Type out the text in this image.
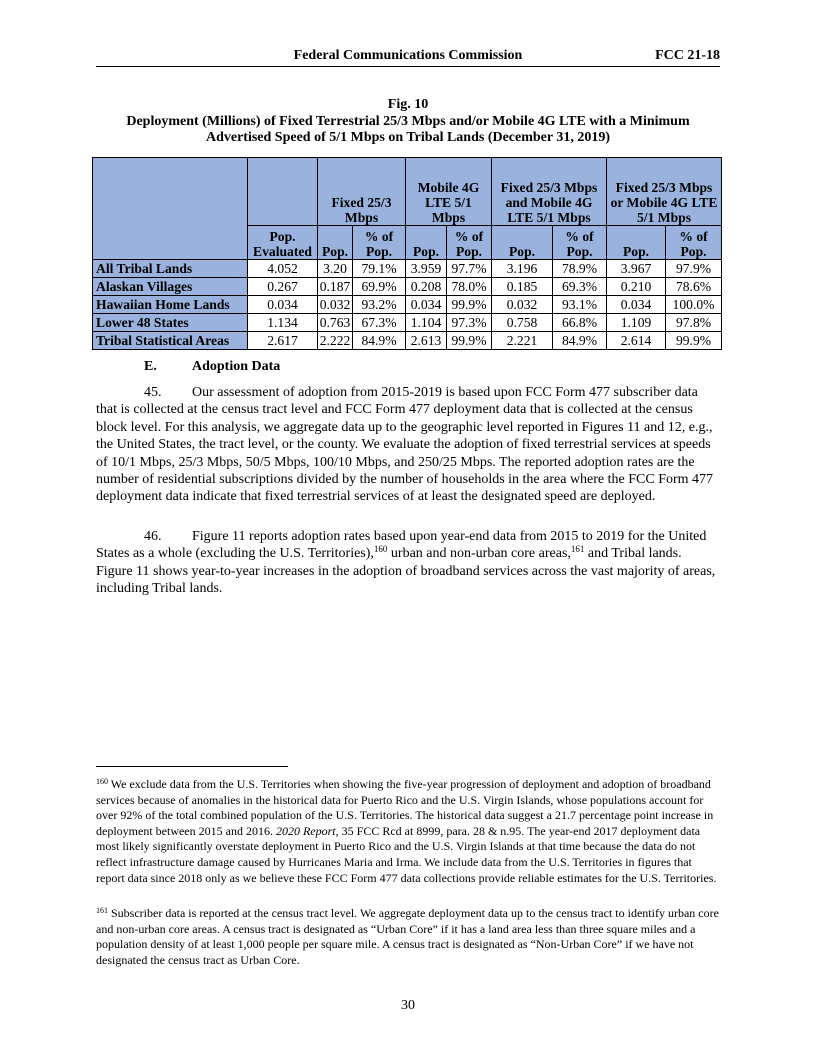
Federal Communications Commission	FCC 21-18
Fig. 10
Deployment (Millions) of Fixed Terrestrial 25/3 Mbps and/or Mobile 4G LTE with a Minimum
Advertised Speed of 5/1 Mbps on Tribal Lands (December 31, 2019)
		Fixed 25/3 Mbps		Mobile 4G LTE 5/1 Mbps		Fixed 25/3 Mbps and Mobile 4G LTE 5/1 Mbps		Fixed 25/3 Mbps or Mobile 4G LTE 5/1 Mbps	
	Pop. Evaluated	Pop.	% of Pop.	Pop.	% of Pop.	Pop.	% of Pop.	Pop.	% of Pop.
All Tribal Lands	4.052	3.20	79.1%	3.959	97.7%	3.196	78.9%	3.967	97.9%
Alaskan Villages	0.267	0.187	69.9%	0.208	78.0%	0.185	69.3%	0.210	78.6%
Hawaiian Home Lands	0.034	0.032	93.2%	0.034	99.9%	0.032	93.1%	0.034	100.0%
Lower 48 States	1.134	0.763	67.3%	1.104	97.3%	0.758	66.8%	1.109	97.8%
Tribal Statistical Areas	2.617	2.222	84.9%	2.613	99.9%	2.221	84.9%	2.614	99.9%
E.	Adoption Data
45. Our assessment of adoption from 2015-2019 is based upon FCC Form 477 subscriber data that is collected at the census tract level and FCC Form 477 deployment data that is collected at the census block level. For this analysis, we aggregate data up to the geographic level reported in Figures 11 and 12, e.g., the United States, the tract level, or the county. We evaluate the adoption of fixed terrestrial services at speeds of 10/1 Mbps, 25/3 Mbps, 50/5 Mbps, 100/10 Mbps, and 250/25 Mbps. The reported adoption rates are the number of residential subscriptions divided by the number of households in the area where the FCC Form 477 deployment data indicate that fixed terrestrial services of at least the designated speed are deployed.
46. Figure 11 reports adoption rates based upon year-end data from 2015 to 2019 for the United States as a whole (excluding the U.S. Territories),$^{160}$ urban and non-urban core areas,$^{161}$ and Tribal lands. Figure 11 shows year-to-year increases in the adoption of broadband services across the vast majority of areas, including Tribal lands.
$^{160}$ We exclude data from the U.S. Territories when showing the five-year progression of deployment and adoption of broadband services because of anomalies in the historical data for Puerto Rico and the U.S. Virgin Islands, whose populations account for over 92% of the total combined population of the U.S. Territories. The historical data suggest a 21.7 percentage point increase in deployment between 2015 and 2016. 2020 Report, 35 FCC Rcd at 8999, para. 28 & n.95. The year-end 2017 deployment data most likely significantly overstate deployment in Puerto Rico and the U.S. Virgin Islands at that time because the data do not reflect infrastructure damage caused by Hurricanes Maria and Irma. We include data from the U.S. Territories in figures that report data since 2018 only as we believe these FCC Form 477 data collections provide reliable estimates for the U.S. Territories.
$^{161}$ Subscriber data is reported at the census tract level. We aggregate deployment data up to the census tract to identify urban core and non-urban core areas. A census tract is designated as “Urban Core” if it has a land area less than three square miles and a population density of at least 1,000 people per square mile. A census tract is designated as “Non-Urban Core” if we have not designated the census tract as Urban Core.
30
